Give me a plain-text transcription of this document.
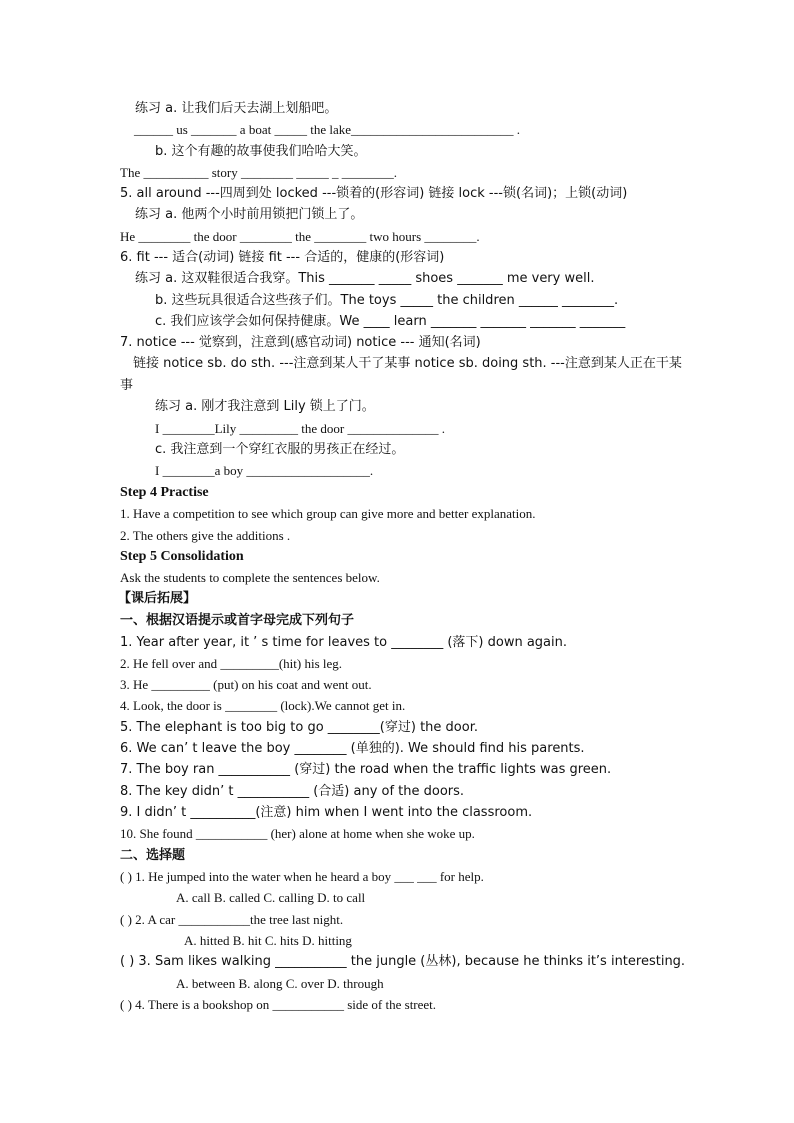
练习 a. 让我们后天去湖上划船吧。
______ us _______ a boat _____ the lake_________________________ .
b. 这个有趣的故事使我们哈哈大笑。
The __________ story ________ _____ _ ________.
5. all around ---四周到处 locked ---锁着的(形容词) 链接 lock ---锁(名词)；上锁(动词)
练习 a. 他两个小时前用锁把门锁上了。
He ________ the door ________ the ________ two hours ________.
6. fit --- 适合(动词) 链接 fit --- 合适的，健康的(形容词)
练习 a. 这双鞋很适合我穿。This _______ _____ shoes _______ me very well.
b. 这些玩具很适合这些孩子们。The toys _____ the children ______ ________.
c. 我们应该学会如何保持健康。We ____ learn _______ _______ _______ _______
7. notice --- 觉察到，注意到(感官动词) notice --- 通知(名词)
链接 notice sb. do sth. ---注意到某人干了某事 notice sb. doing sth. ---注意到某人正在干某
事
练习 a. 刚才我注意到 Lily 锁上了门。
I ________Lily _________ the door ______________ .
c. 我注意到一个穿红衣服的男孩正在经过。
I ________a boy ___________________.
Step 4 Practise
1. Have a competition to see which group can give more and better explanation.
2. The others give the additions .
Step 5 Consolidation
Ask the students to complete the sentences below.
【课后拓展】
一、根据汉语提示或首字母完成下列句子
1. Year after year, it ’ s time for leaves to ________ (落下) down again.
2. He fell over and _________(hit) his leg.
3. He _________ (put) on his coat and went out.
4. Look, the door is ________ (lock).We cannot get in.
5. The elephant is too big to go ________(穿过) the door.
6. We can’ t leave the boy ________ (单独的). We should find his parents.
7. The boy ran ___________ (穿过) the road when the traffic lights was green.
8. The key didn’ t ___________ (合适) any of the doors.
9. I didn’ t __________(注意) him when I went into the classroom.
10. She found ___________ (her) alone at home when she woke up.
二、选择题
( ) 1. He jumped into the water when he heard a boy ___ ___ for help.
A. call B. called C. calling D. to call
( ) 2. A car ___________the tree last night.
A. hitted B. hit C. hits D. hitting
( ) 3. Sam likes walking ___________ the jungle (丛林), because he thinks it’s interesting.
A. between B. along C. over D. through
( ) 4. There is a bookshop on ___________ side of the street.
